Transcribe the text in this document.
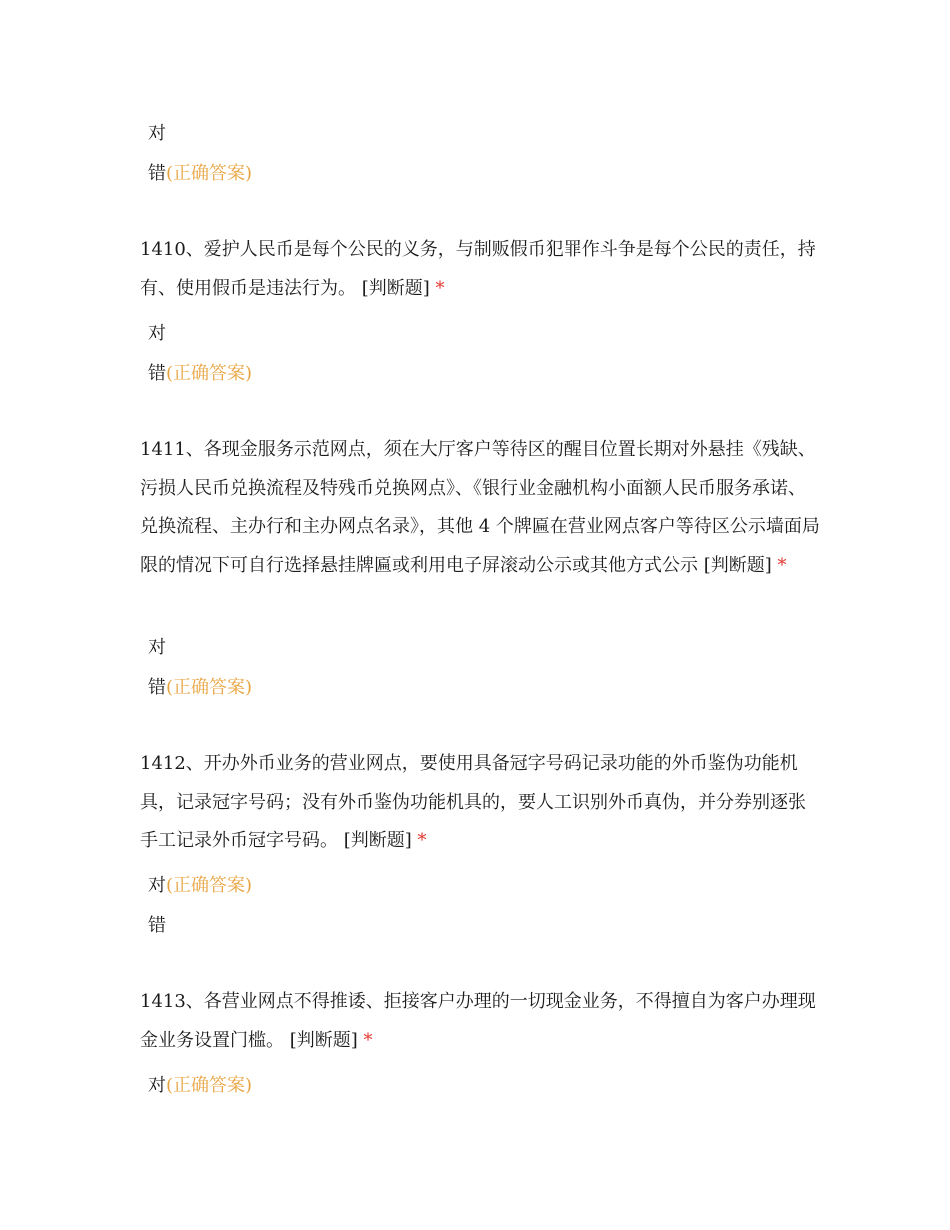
对
错(正确答案)

1410、爱护人民币是每个公民的义务，与制贩假币犯罪作斗争是每个公民的责任，持有、使用假币是违法行为。 [判断题] *

对
错(正确答案)

1411、各现金服务示范网点，须在大厅客户等待区的醒目位置长期对外悬挂《残缺、污损人民币兑换流程及特残币兑换网点》、《银行业金融机构小面额人民币服务承诺、兑换流程、主办行和主办网点名录》，其他 4 个牌匾在营业网点客户等待区公示墙面局限的情况下可自行选择悬挂牌匾或利用电子屏滚动公示或其他方式公示 [判断题] *

对
错(正确答案)

1412、开办外币业务的营业网点，要使用具备冠字号码记录功能的外币鉴伪功能机具，记录冠字号码；没有外币鉴伪功能机具的，要人工识别外币真伪，并分券别逐张手工记录外币冠字号码。 [判断题] *

对(正确答案)
错

1413、各营业网点不得推诿、拒接客户办理的一切现金业务，不得擅自为客户办理现金业务设置门槛。 [判断题] *

对(正确答案)
